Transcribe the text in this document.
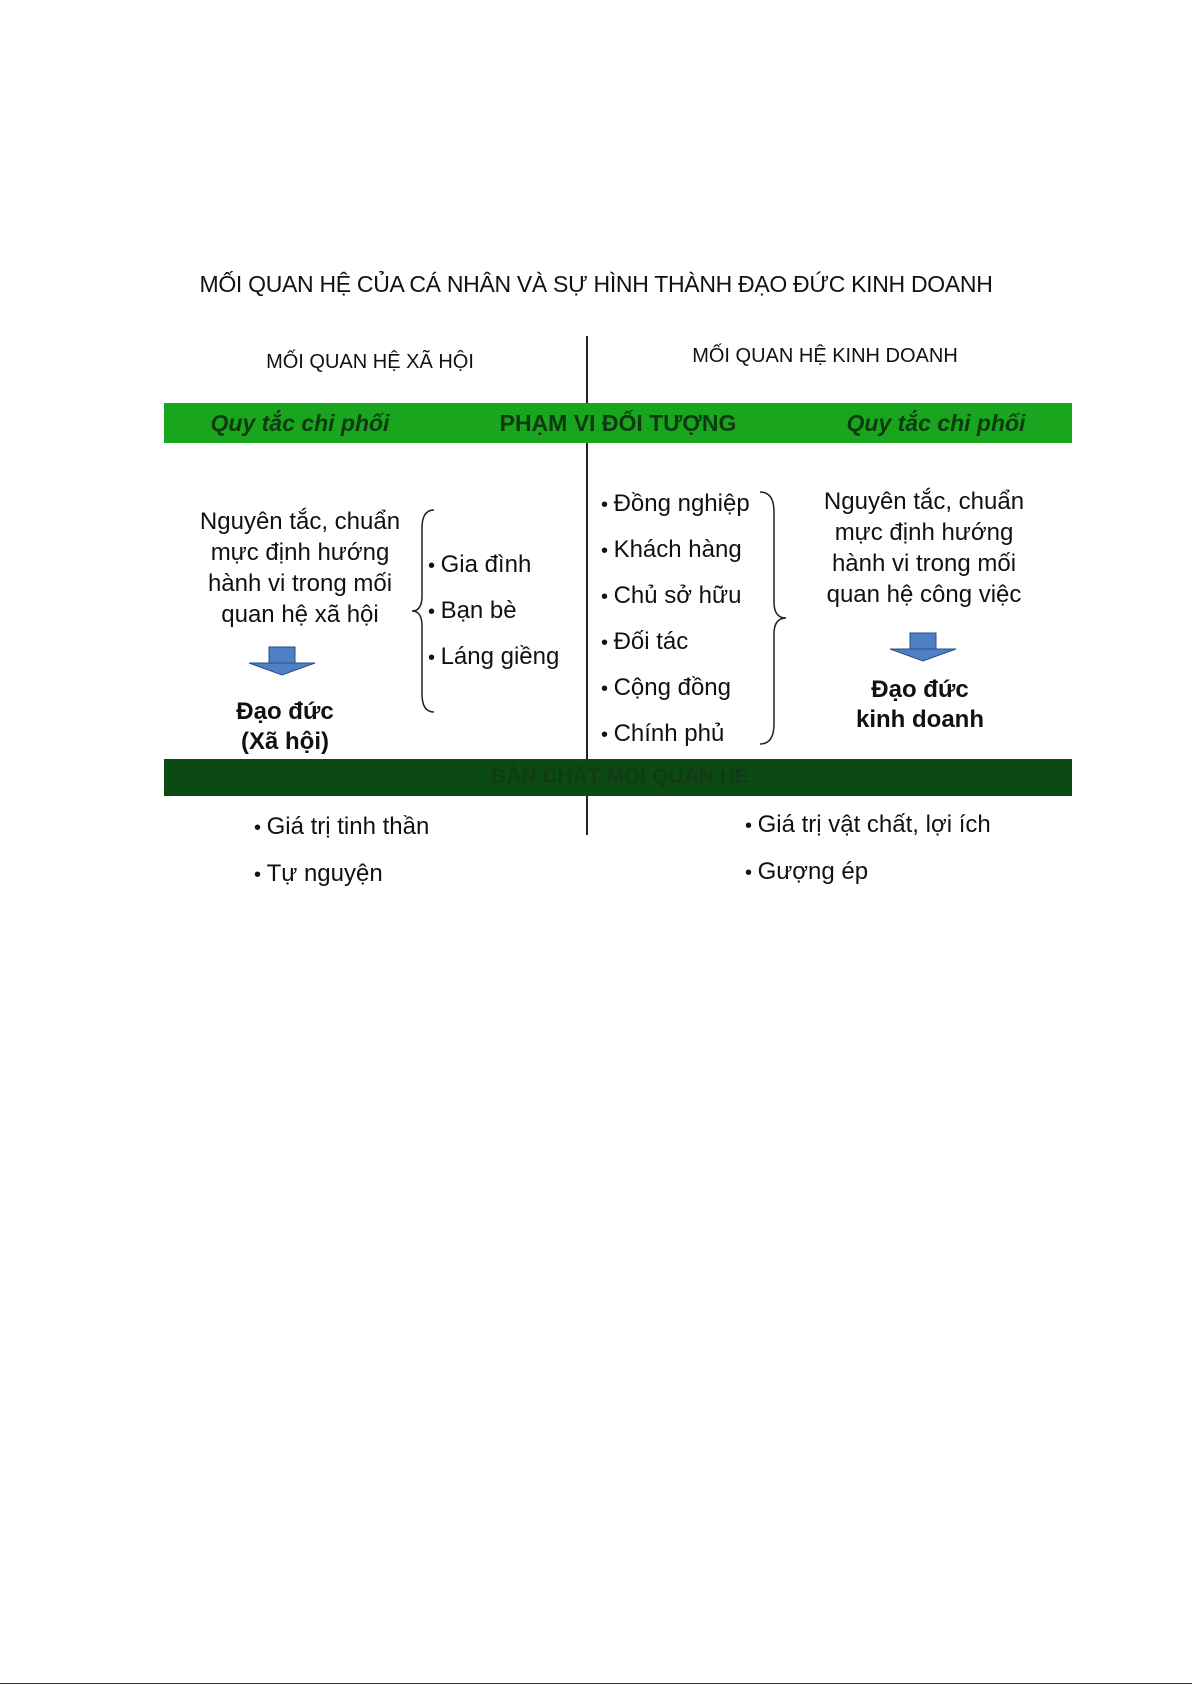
MỐI QUAN HỆ CỦA CÁ NHÂN VÀ SỰ HÌNH THÀNH ĐẠO ĐỨC KINH DOANH
MỐI QUAN HỆ XÃ HỘI	MỐI QUAN HỆ KINH DOANH
Quy tắc chi phối	PHẠM VI ĐỐI TƯỢNG	Quy tắc chi phối
Nguyên tắc, chuẩn mực định hướng hành vi trong mối quan hệ xã hội
Đạo đức
(Xã hội)
• Gia đình
• Bạn bè
• Láng giềng
• Đồng nghiệp
• Khách hàng
• Chủ sở hữu
• Đối tác
• Cộng đồng
• Chính phủ
Nguyên tắc, chuẩn mực định hướng hành vi trong mối quan hệ công việc
Đạo đức
kinh doanh
BẢN CHẤT MỐI QUAN HỆ
• Giá trị tinh thần
• Tự nguyện
• Giá trị vật chất, lợi ích
• Gượng ép
